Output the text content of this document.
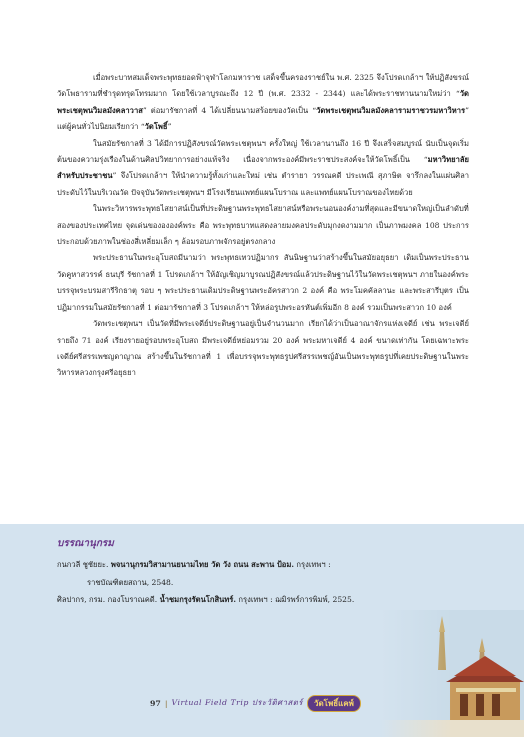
เมื่อพระบาทสมเด็จพระพุทธยอดฟ้าจุฬาโลกมหาราช เสด็จขึ้นครองราชย์ใน พ.ศ. 2325 จึงโปรดเกล้าฯ ให้ปฏิสังขรณ์วัดโพธารามที่ชำรุดทรุดโทรมมาก โดยใช้เวลาบูรณะถึง 12 ปี (พ.ศ. 2332 - 2344) และได้พระราชทานนามใหม่ว่า “วัดพระเชตุพนวิมลมังคลาวาส” ต่อมารัชกาลที่ 4 ได้เปลี่ยนนามสร้อยของวัดเป็น “วัดพระเชตุพนวิมลมังคลารามราชวรมหาวิหาร” แต่ผู้คนทั่วไปนิยมเรียกว่า “วัดโพธิ์”

ในสมัยรัชกาลที่ 3 ได้มีการปฏิสังขรณ์วัดพระเชตุพนฯ ครั้งใหญ่ ใช้เวลานานถึง 16 ปี จึงเสร็จสมบูรณ์ นับเป็นจุดเริ่มต้นของความรุ่งเรืองในด้านศิลปวิทยาการอย่างแท้จริง เนื่องจากพระองค์มีพระราชประสงค์จะให้วัดโพธิ์เป็น “มหาวิทยาลัยสำหรับประชาชน” จึงโปรดเกล้าฯ ให้นำความรู้ทั้งเก่าและใหม่ เช่น ตำรายา วรรณคดี ประเพณี สุภาษิต จารึกลงในแผ่นศิลาประดับไว้ในบริเวณวัด ปัจจุบันวัดพระเชตุพนฯ มีโรงเรียนแพทย์แผนโบราณ และแพทย์แผนโบราณของไทยด้วย

ในพระวิหารพระพุทธไสยาสน์เป็นที่ประดิษฐานพระพุทธไสยาสน์หรือพระนอนองค์งามที่สุดและมีขนาดใหญ่เป็นลำดับที่สองของประเทศไทย จุดเด่นของององค์พระ คือ พระพุทธบาทแสดงลายมงคลประดับมุกงดงามมาก เป็นภาพมงคล 108 ประการ ประกอบด้วยภาพในช่องสี่เหลี่ยมเล็ก ๆ ล้อมรอบภาพจักรอยู่ตรงกลาง

พระประธานในพระอุโบสถมีนามว่า พระพุทธเทวปฏิมากร สันนิษฐานว่าสร้างขึ้นในสมัยอยุธยา เดิมเป็นพระประธานวัดคูหาสวรรค์ ธนบุรี รัชกาลที่ 1 โปรดเกล้าฯ ให้อัญเชิญมาบูรณปฏิสังขรณ์แล้วประดิษฐานไว้ในวัดพระเชตุพนฯ ภายในองค์พระบรรจุพระบรมสารีริกธาตุ รอบ ๆ พระประธานเดิมประดิษฐานพระอัครสาวก 2 องค์ คือ พระโมคคัลลานะ และพระสารีบุตร เป็นปฏิมากรรมในสมัยรัชกาลที่ 1 ต่อมารัชกาลที่ 3 โปรดเกล้าฯ ให้หล่อรูปพระอรหันต์เพิ่มอีก 8 องค์ รวมเป็นพระสาวก 10 องค์

วัดพระเชตุพนฯ เป็นวัดที่มีพระเจดีย์ประดิษฐานอยู่เป็นจำนวนมาก เรียกได้ว่าเป็นอาณาจักรแห่งเจดีย์ เช่น พระเจดีย์รายถึง 71 องค์ เรียงรายอยู่รอบพระอุโบสถ มีพระเจดีย์หย่อมรวม 20 องค์ พระมหาเจดีย์ 4 องค์ ขนาดเท่ากัน โดยเฉพาะพระเจดีย์ศรีสรรเพชญดาญาณ สร้างขึ้นในรัชกาลที่ 1 เพื่อบรรจุพระพุทธรูปศรีสรรเพชญ์อันเป็นพระพุทธรูปที่เคยประดิษฐานในพระวิหารหลวงกรุงศรีอยุธยา

บรรณานุกรม
กนกวลี ชูชัยยะ. พจนานุกรมวิสามานยนามไทย วัด วัง ถนน สะพาน ป้อม. กรุงเทพฯ :
ราชบัณฑิตยสถาน, 2548.
ศิลปากร, กรม. กองโบราณคดี. น้ำชมกรุงรัตนโกสินทร์. กรุงเทพฯ : ฌมิรพร์การพิมพ์, 2525.
97 | Virtual Field Trip ประวัติศาสตร์	วัดโพธิ์แคพ์
